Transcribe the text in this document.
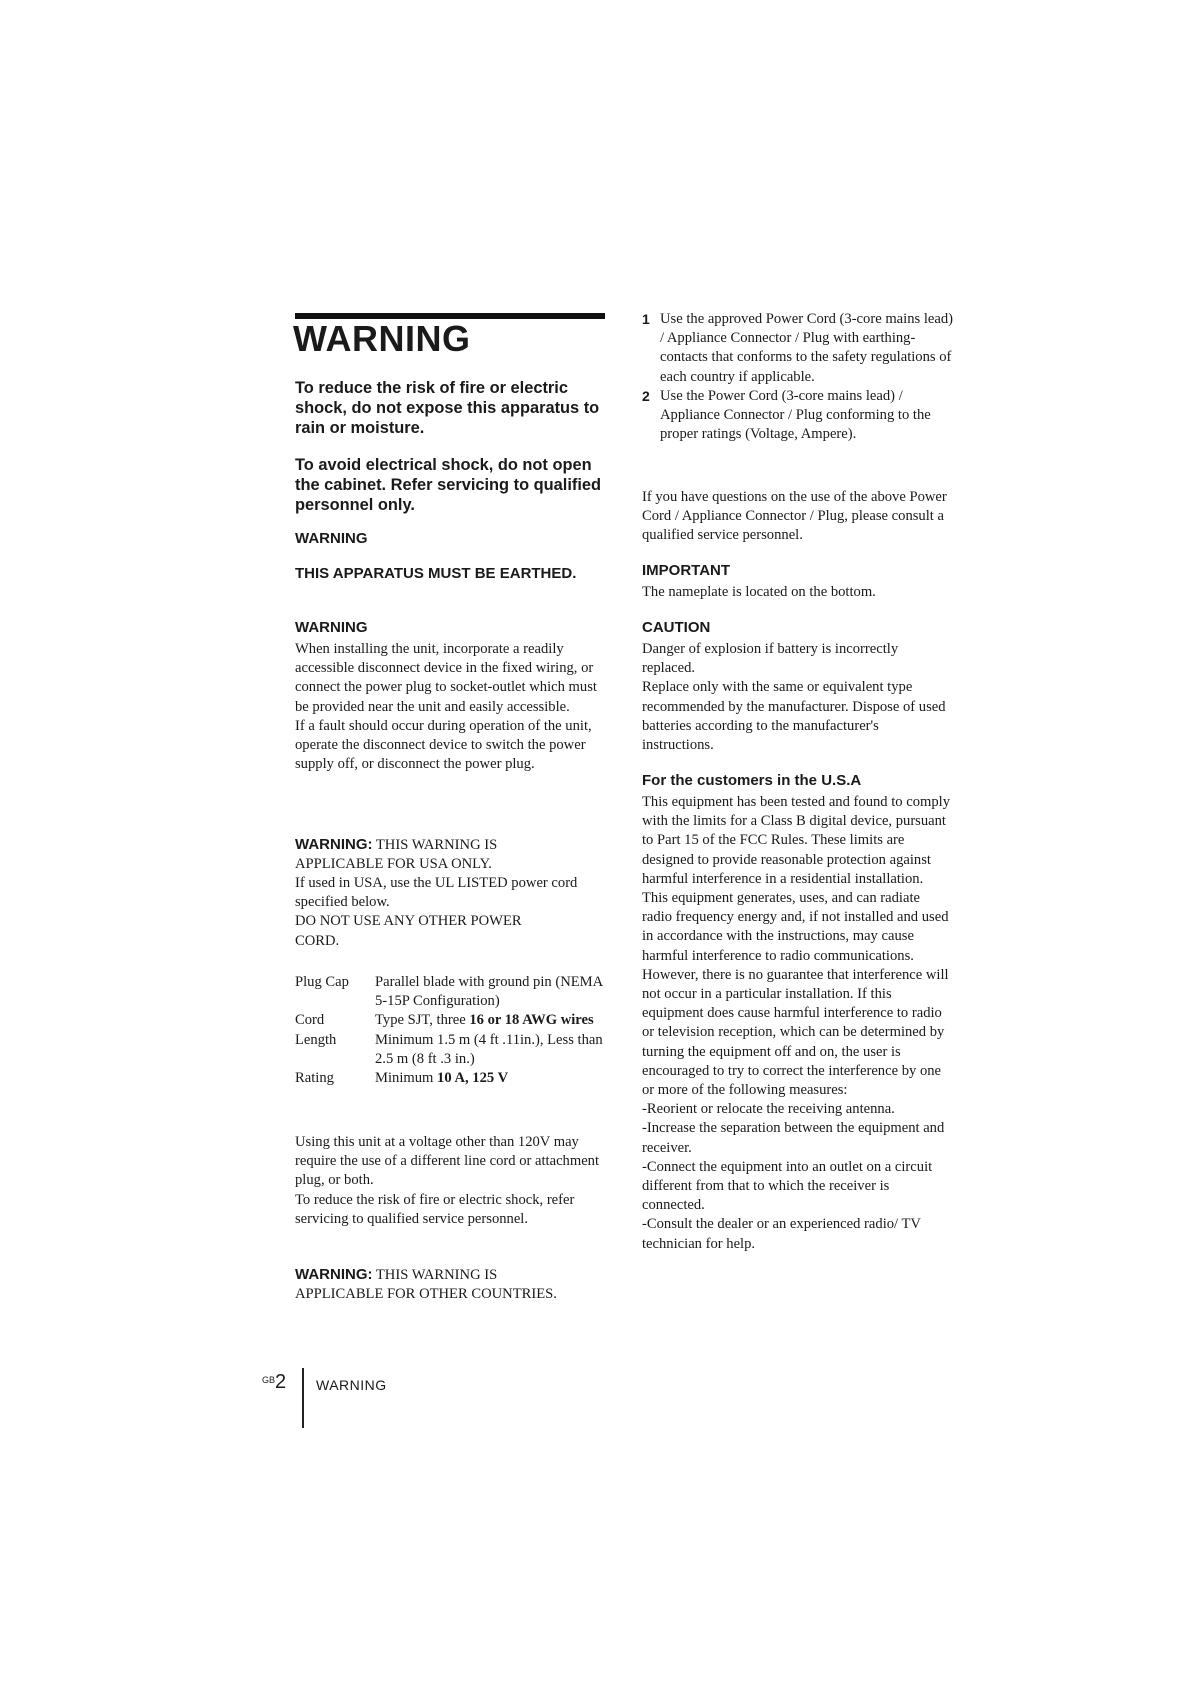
WARNING

To reduce the risk of fire or electric shock, do not expose this apparatus to rain or moisture.

To avoid electrical shock, do not open the cabinet. Refer servicing to qualified personnel only.

WARNING

THIS APPARATUS MUST BE EARTHED.

WARNING

When installing the unit, incorporate a readily accessible disconnect device in the fixed wiring, or connect the power plug to socket-outlet which must be provided near the unit and easily accessible.

If a fault should occur during operation of the unit, operate the disconnect device to switch the power supply off, or disconnect the power plug.

WARNING: THIS WARNING IS APPLICABLE FOR USA ONLY.

If used in USA, use the UL LISTED power cord specified below.

DO NOT USE ANY OTHER POWER CORD.

Plug Cap	Parallel blade with ground pin (NEMA 5-15P Configuration)
Cord	Type SJT, three 16 or 18 AWG wires
Length	Minimum 1.5 m (4 ft .11in.), Less than 2.5 m (8 ft .3 in.)
Rating	Minimum 10 A, 125 V

Using this unit at a voltage other than 120V may require the use of a different line cord or attachment plug, or both.

To reduce the risk of fire or electric shock, refer servicing to qualified service personnel.

WARNING: THIS WARNING IS APPLICABLE FOR OTHER COUNTRIES.
1 Use the approved Power Cord (3-core mains lead) / Appliance Connector / Plug with earthing-contacts that conforms to the safety regulations of each country if applicable.
2 Use the Power Cord (3-core mains lead) / Appliance Connector / Plug conforming to the proper ratings (Voltage, Ampere).

If you have questions on the use of the above Power Cord / Appliance Connector / Plug, please consult a qualified service personnel.

IMPORTANT

The nameplate is located on the bottom.

CAUTION

Danger of explosion if battery is incorrectly replaced.

Replace only with the same or equivalent type recommended by the manufacturer. Dispose of used batteries according to the manufacturer's instructions.

For the customers in the U.S.A

This equipment has been tested and found to comply with the limits for a Class B digital device, pursuant to Part 15 of the FCC Rules. These limits are designed to provide reasonable protection against harmful interference in a residential installation. This equipment generates, uses, and can radiate radio frequency energy and, if not installed and used in accordance with the instructions, may cause harmful interference to radio communications. However, there is no guarantee that interference will not occur in a particular installation. If this equipment does cause harmful interference to radio or television reception, which can be determined by turning the equipment off and on, the user is encouraged to try to correct the interference by one or more of the following measures:

-Reorient or relocate the receiving antenna.

-Increase the separation between the equipment and receiver.

-Connect the equipment into an outlet on a circuit different from that to which the receiver is connected.

-Consult the dealer or an experienced radio/ TV technician for help.

$^{GB}$2 WARNING
